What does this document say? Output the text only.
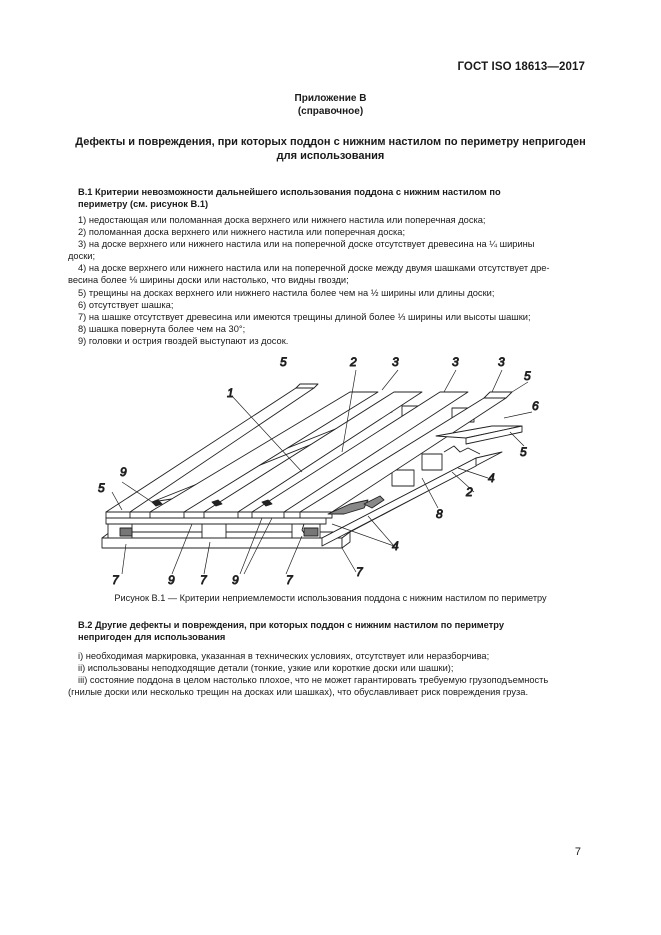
ГОСТ ISO 18613—2017
Приложение В
(справочное)
Дефекты и повреждения, при которых поддон с нижним настилом по периметру непригоден
для использования
В.1 Критерии невозможности дальнейшего использования поддона с нижним настилом по
периметру (см. рисунок В.1)
1) недостающая или поломанная доска верхнего или нижнего настила или поперечная доска;
2) поломанная доска верхнего или нижнего настила или поперечная доска;
3) на доске верхнего или нижнего настила или на поперечной доске отсутствует древесина на ¼ ширины
доски;
4) на доске верхнего или нижнего настила или на поперечной доске между двумя шашками отсутствует дре-
весина более ⅛ ширины доски или настолько, что видны гвозди;
5) трещины на досках верхнего или нижнего настила более чем на ½ ширины или длины доски;
6) отсутствует шашка;
7) на шашке отсутствует древесина или имеются трещины длиной более ⅓ ширины или высоты шашки;
8) шашка повернута более чем на 30°;
9) головки и острия гвоздей выступают из досок.
1
2	3	3	3
4
4
5
5
5
5
6
7	7	7
7
8
9
9	9
2
Рисунок В.1 — Критерии неприемлемости использования поддона с нижним настилом по периметру
В.2 Другие дефекты и повреждения, при которых поддон с нижним настилом по периметру
непригоден для использования
i) необходимая маркировка, указанная в технических условиях, отсутствует или неразборчива;
ii) использованы неподходящие детали (тонкие, узкие или короткие доски или шашки);
iii) состояние поддона в целом настолько плохое, что не может гарантировать требуемую грузоподъемность
(гнилые доски или несколько трещин на досках или шашках), что обуславливает риск повреждения груза.
7
